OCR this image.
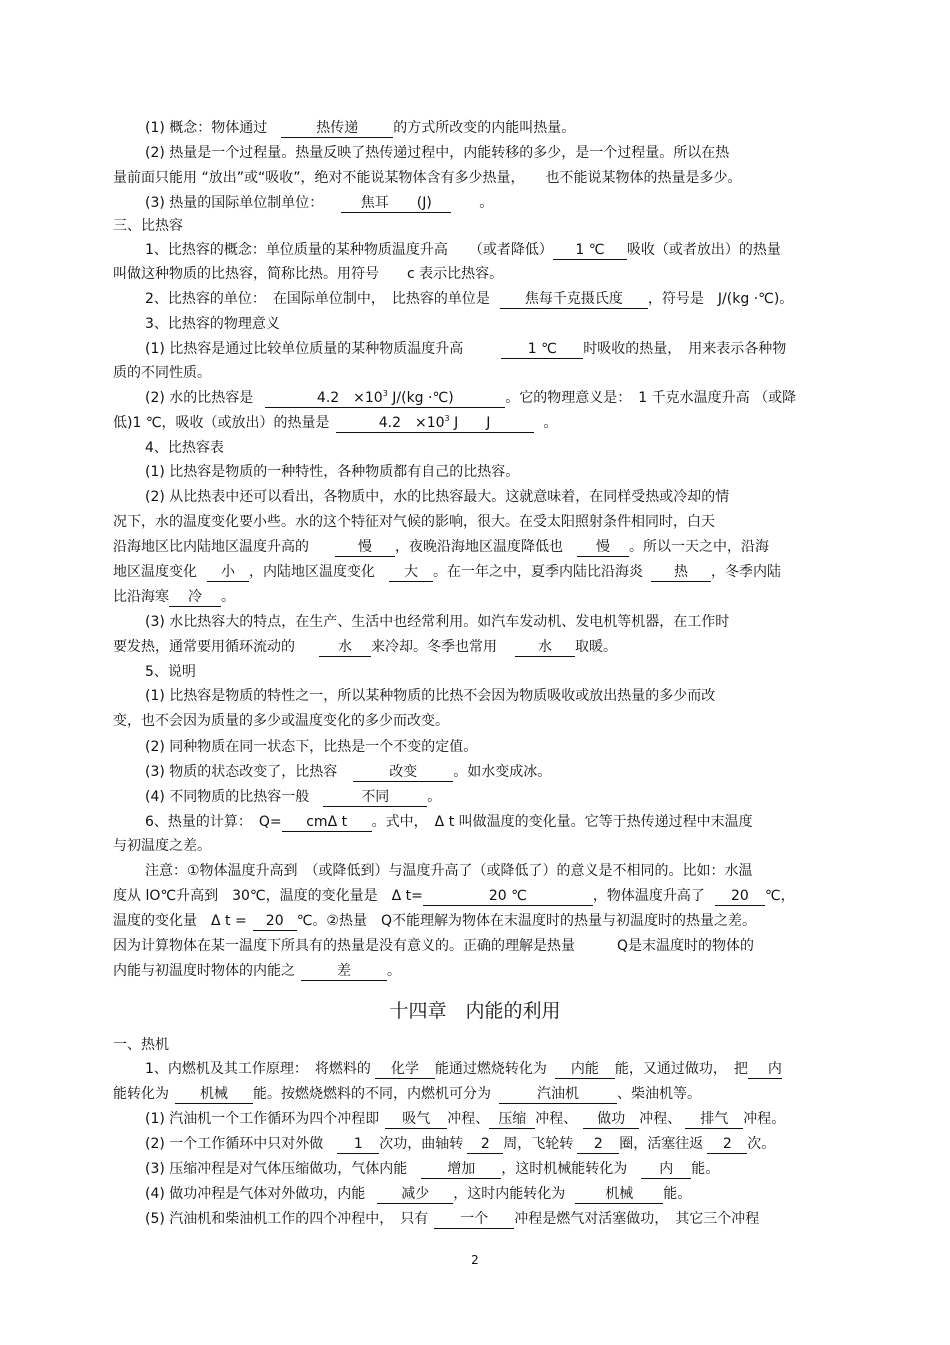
(1) 概念：物体通过	热传递	的方式所改变的内能叫热量。
(2) 热量是一个过程量。热量反映了热传递过程中，内能转移的多少，是一个过程量。所以在热
量前面只能用 “放出”或“吸收”，绝对不能说某物体含有多少热量，　　也不能说某物体的热量是多少。
(3) 热量的国际单位制单位：	焦耳　　(J)	。
三、比热容
1、比热容的概念：单位质量的某种物质温度升高　　（或者降低） 1 ℃ 吸收（或者放出）的热量
叫做这种物质的比热容，简称比热。用符号　　c 表示比热容。
2、比热容的单位：　在国际单位制中，　比热容的单位是	焦每千克摄氏度 ，符号是　J/(kg ·℃)。
3、比热容的物理意义
(1) 比热容是通过比较单位质量的某种物质温度升高	1 ℃ 时吸收的热量，　用来表示各种物
质的不同性质。
(2) 水的比热容是	4.2　$\times 10^3$ J/(kg ·℃)	。它的物理意义是：　1 千克水温度升高 （或降
低)1 ℃，吸收（或放出）的热量是	4.2　$\times 10^3$ J　　J	。
4、比热容表
(1) 比热容是物质的一种特性，各种物质都有自己的比热容。
(2) 从比热表中还可以看出，各物质中，水的比热容最大。这就意味着，在同样受热或冷却的情
况下，水的温度变化要小些。水的这个特征对气候的影响，很大。在受太阳照射条件相同时，白天
沿海地区比内陆地区温度升高的	慢 ，夜晚沿海地区温度降低也 慢 。所以一天之中，沿海
地区温度变化 小 ，内陆地区温度变化 大 。在一年之中，夏季内陆比沿海炎 热 ，冬季内陆
比沿海寒 冷 。
(3) 水比热容大的特点，在生产、生活中也经常利用。如汽车发动机、发电机等机器，在工作时
要发热，通常要用循环流动的	水 来冷却。冬季也常用	水 取暖。
5、说明
(1) 比热容是物质的特性之一，所以某种物质的比热不会因为物质吸收或放出热量的多少而改
变，也不会因为质量的多少或温度变化的多少而改变。
(2) 同种物质在同一状态下，比热是一个不变的定值。
(3) 物质的状态改变了，比热容	改变	。如水变成冰。
(4) 不同物质的比热容一般	不同	。
6、热量的计算：　Q= cmΔ t 。式中，　Δ t 叫做温度的变化量。它等于热传递过程中末温度
与初温度之差。
注意：①物体温度升高到　（或降低到）与温度升高了（或降低了）的意义是不相同的。比如：水温
度从 lO℃升高到　30℃，温度的变化量是　Δ t=	20 ℃	，物体温度升高了 20 ℃，
温度的变化量　Δ t = 20 ℃。②热量　Q不能理解为物体在末温度时的热量与初温度时的热量之差。
因为计算物体在某一温度下所具有的热量是没有意义的。正确的理解是热量　　　Q是末温度时的物体的
内能与初温度时物体的内能之	差	。
十四章　内能的利用
一、热机
1、内燃机及其工作原理：　将燃料的 化学 能通过燃烧转化为 内能 能，又通过做功，　把 内
能转化为 机械 能。按燃烧燃料的不同，内燃机可分为	汽油机	、柴油机等。
(1) 汽油机一个工作循环为四个冲程即 吸气 冲程、 压缩 冲程、 做功 冲程、 排气 冲程。
(2) 一个工作循环中只对外做 1 次功，曲轴转 2 周，飞轮转 2 圈，活塞往返 2 次。
(3) 压缩冲程是对气体压缩做功，气体内能	增加 ，这时机械能转化为 内 能。
(4) 做功冲程是气体对外做功，内能	减少 ，这时内能转化为	机械 能。
(5) 汽油机和柴油机工作的四个冲程中，　只有 一个 冲程是燃气对活塞做功，　其它三个冲程
2
